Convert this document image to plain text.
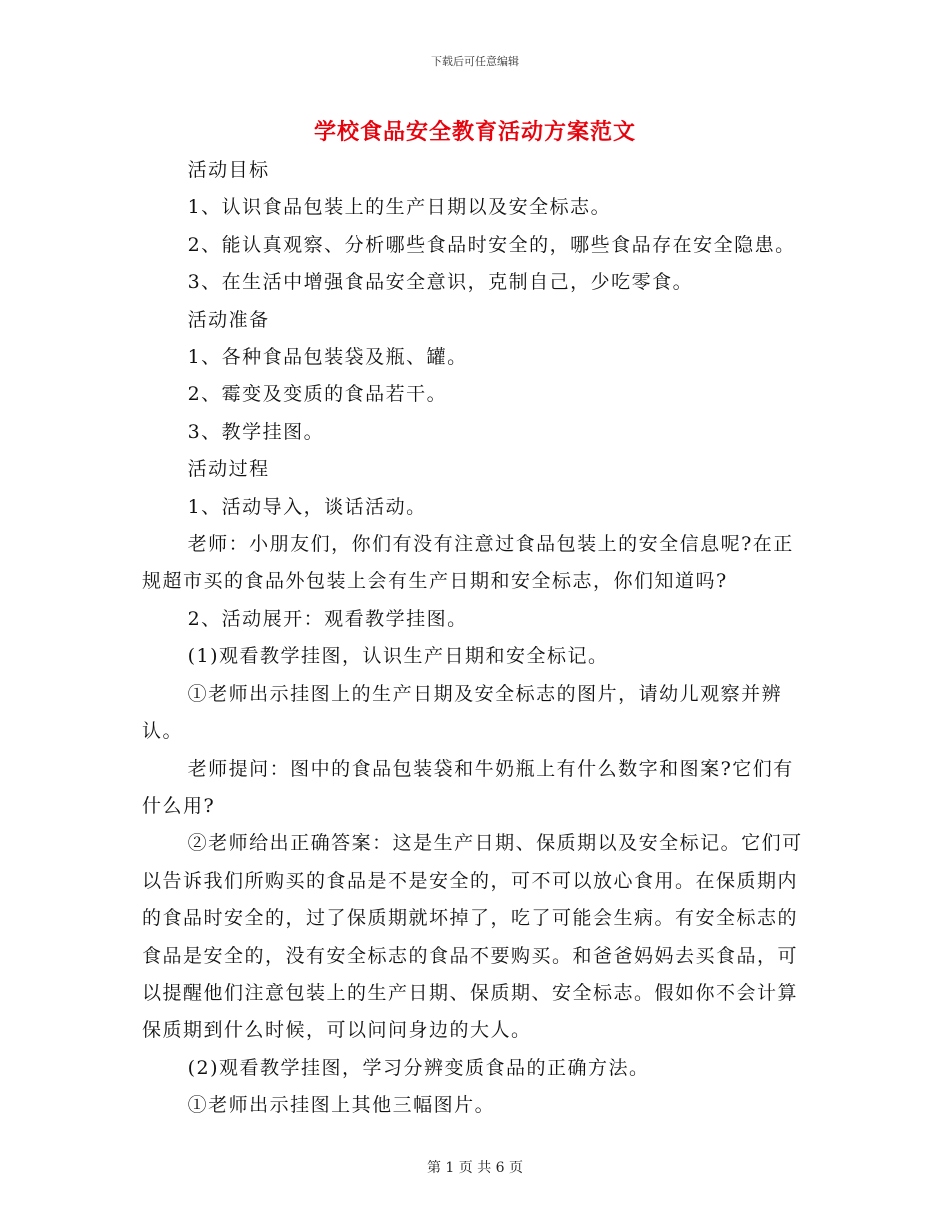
下载后可任意编辑
学校食品安全教育活动方案范文

活动目标

1、认识食品包装上的生产日期以及安全标志。

2、能认真观察、分析哪些食品时安全的，哪些食品存在安全隐患。

3、在生活中增强食品安全意识，克制自己，少吃零食。

活动准备

1、各种食品包装袋及瓶、罐。

2、霉变及变质的食品若干。

3、教学挂图。

活动过程

1、活动导入，谈话活动。

老师：小朋友们，你们有没有注意过食品包装上的安全信息呢?在正规超市买的食品外包装上会有生产日期和安全标志，你们知道吗?

2、活动展开：观看教学挂图。

(1)观看教学挂图，认识生产日期和安全标记。

①老师出示挂图上的生产日期及安全标志的图片，请幼儿观察并辨认。

老师提问：图中的食品包装袋和牛奶瓶上有什么数字和图案?它们有什么用?

②老师给出正确答案：这是生产日期、保质期以及安全标记。它们可以告诉我们所购买的食品是不是安全的，可不可以放心食用。在保质期内的食品时安全的，过了保质期就坏掉了，吃了可能会生病。有安全标志的食品是安全的，没有安全标志的食品不要购买。和爸爸妈妈去买食品，可以提醒他们注意包装上的生产日期、保质期、安全标志。假如你不会计算保质期到什么时候，可以问问身边的大人。

(2)观看教学挂图，学习分辨变质食品的正确方法。

①老师出示挂图上其他三幅图片。

第 1 页 共 6 页
